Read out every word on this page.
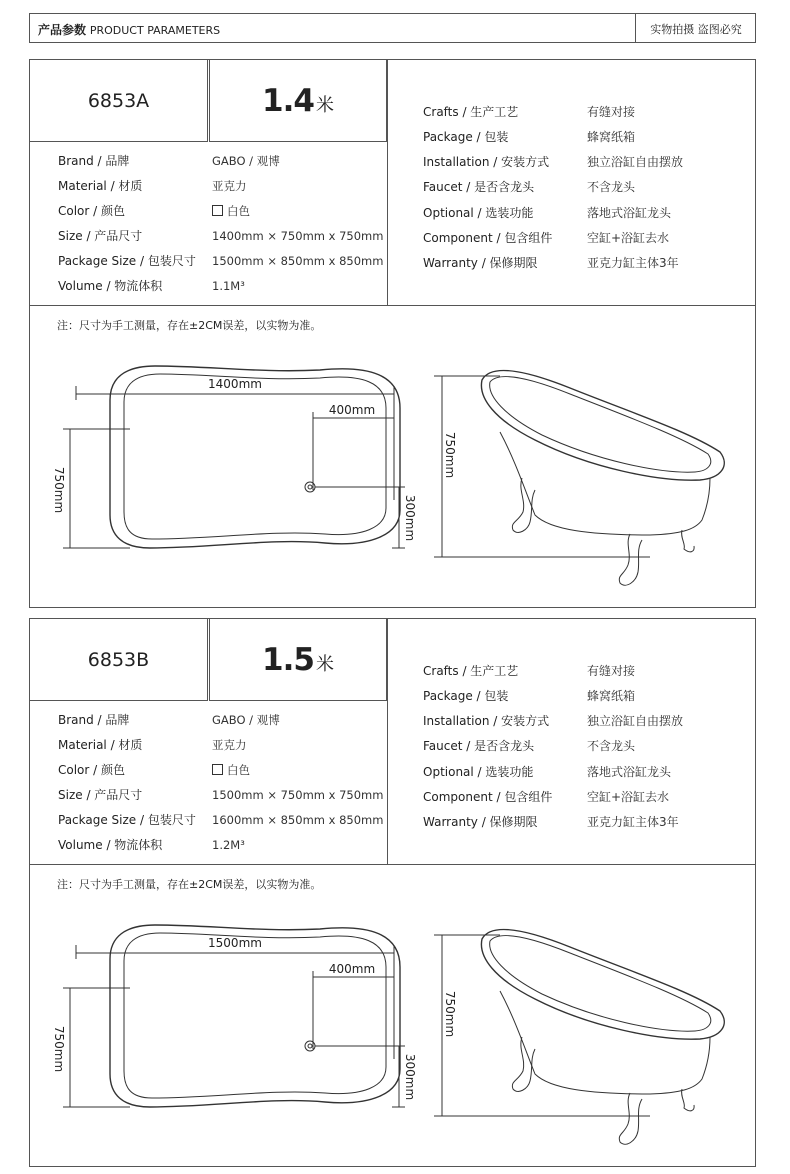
产品参数 PRODUCT PARAMETERS	实物拍摄 盗图必究
6853A	1.4 米
Brand / 品牌	GABO / 观博
Material / 材质	亚克力
Color / 颜色	白色
Size / 产品尺寸	1400mm × 750mm x 750mm
Package Size / 包装尺寸 1500mm × 850mm x 850mm
Volume / 物流体积	1.1M³
Crafts / 生产工艺	有缝对接
Package / 包装	蜂窝纸箱
Installation / 安装方式	独立浴缸自由摆放
Faucet / 是否含龙头	不含龙头
Optional / 选装功能	落地式浴缸龙头
Component / 包含组件	空缸+浴缸去水
Warranty / 保修期限	亚克力缸主体3年
注：尺寸为手工测量，存在±2CM误差，以实物为准。
1400mm
400mm
750mm
300mm
750mm
6853B	1.5 米
Brand / 品牌	GABO / 观博
Material / 材质	亚克力
Color / 颜色	白色
Size / 产品尺寸	1500mm × 750mm x 750mm
Package Size / 包装尺寸 1600mm × 850mm x 850mm
Volume / 物流体积	1.2M³
Crafts / 生产工艺	有缝对接
Package / 包装	蜂窝纸箱
Installation / 安装方式	独立浴缸自由摆放
Faucet / 是否含龙头	不含龙头
Optional / 选装功能	落地式浴缸龙头
Component / 包含组件	空缸+浴缸去水
Warranty / 保修期限	亚克力缸主体3年
注：尺寸为手工测量，存在±2CM误差，以实物为准。
1500mm
400mm
750mm
300mm
750mm
